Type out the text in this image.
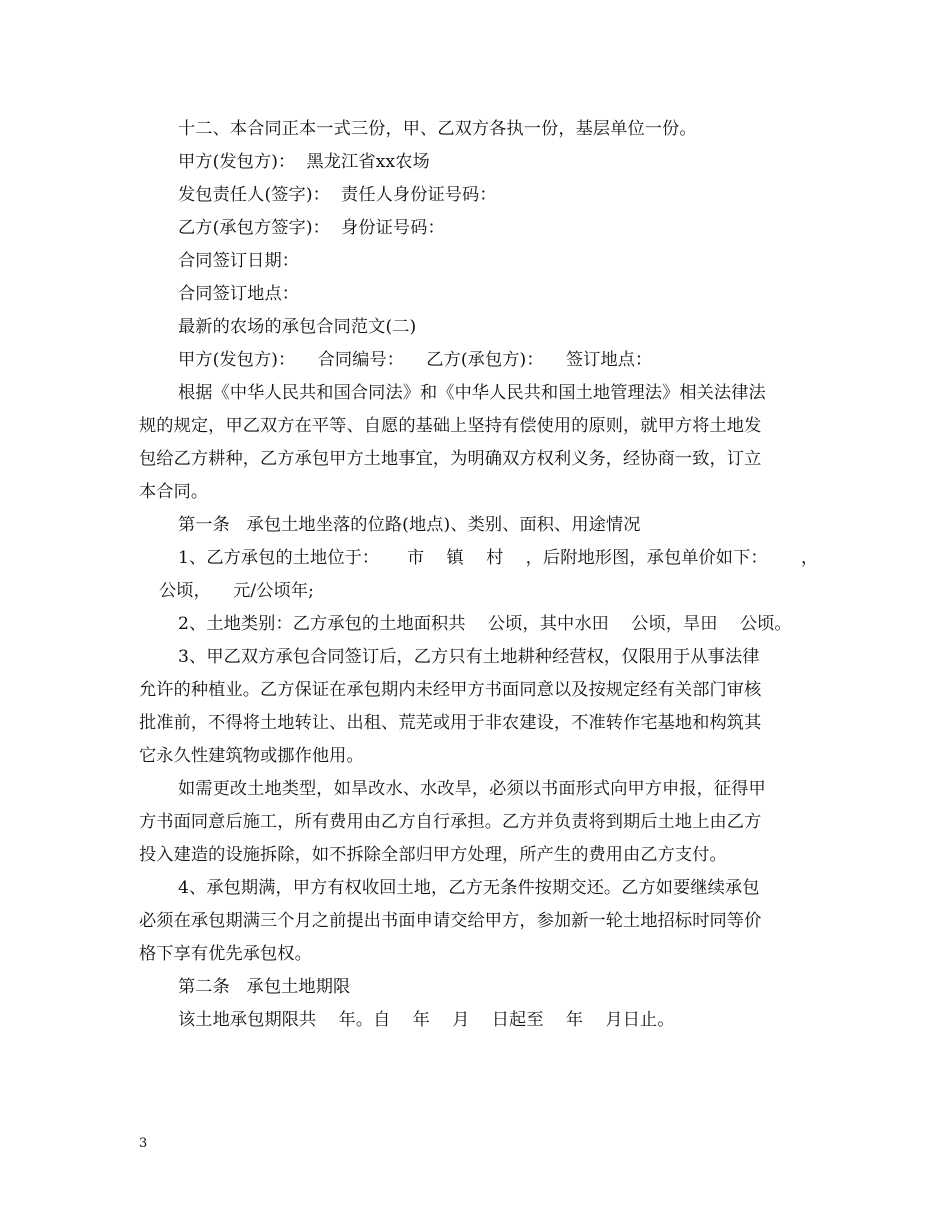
十二、本合同正本一式三份，甲、乙双方各执一份，基层单位一份。
甲方(发包方)：  黑龙江省xx农场
发包责任人(签字)：  责任人身份证号码：
乙方(承包方签字)：  身份证号码：
合同签订日期：
合同签订地点：
最新的农场的承包合同范文(二)
甲方(发包方)：    合同编号：    乙方(承包方)：    签订地点：
根据《中华人民共和国合同法》和《中华人民共和国土地管理法》相关法律法
规的规定，甲乙双方在平等、自愿的基础上坚持有偿使用的原则，就甲方将土地发
包给乙方耕种，乙方承包甲方土地事宜，为明确双方权利义务，经协商一致，订立
本合同。
第一条   承包土地坐落的位路(地点)、类别、面积、用途情况
1、乙方承包的土地位于：     市    镇    村    ，后附地形图，承包单价如下：      ，
公顷，    元/公顷年;
2、土地类别：乙方承包的土地面积共    公顷，其中水田    公顷，旱田    公顷。
3、甲乙双方承包合同签订后，乙方只有土地耕种经营权，仅限用于从事法律
允许的种植业。乙方保证在承包期内未经甲方书面同意以及按规定经有关部门审核
批准前，不得将土地转让、出租、荒芜或用于非农建设，不准转作宅基地和构筑其
它永久性建筑物或挪作他用。
如需更改土地类型，如旱改水、水改旱，必须以书面形式向甲方申报，征得甲
方书面同意后施工，所有费用由乙方自行承担。乙方并负责将到期后土地上由乙方
投入建造的设施拆除，如不拆除全部归甲方处理，所产生的费用由乙方支付。
4、承包期满，甲方有权收回土地，乙方无条件按期交还。乙方如要继续承包
必须在承包期满三个月之前提出书面申请交给甲方，参加新一轮土地招标时同等价
格下享有优先承包权。
第二条   承包土地期限
该土地承包期限共    年。自    年    月    日起至    年    月日止。
3
